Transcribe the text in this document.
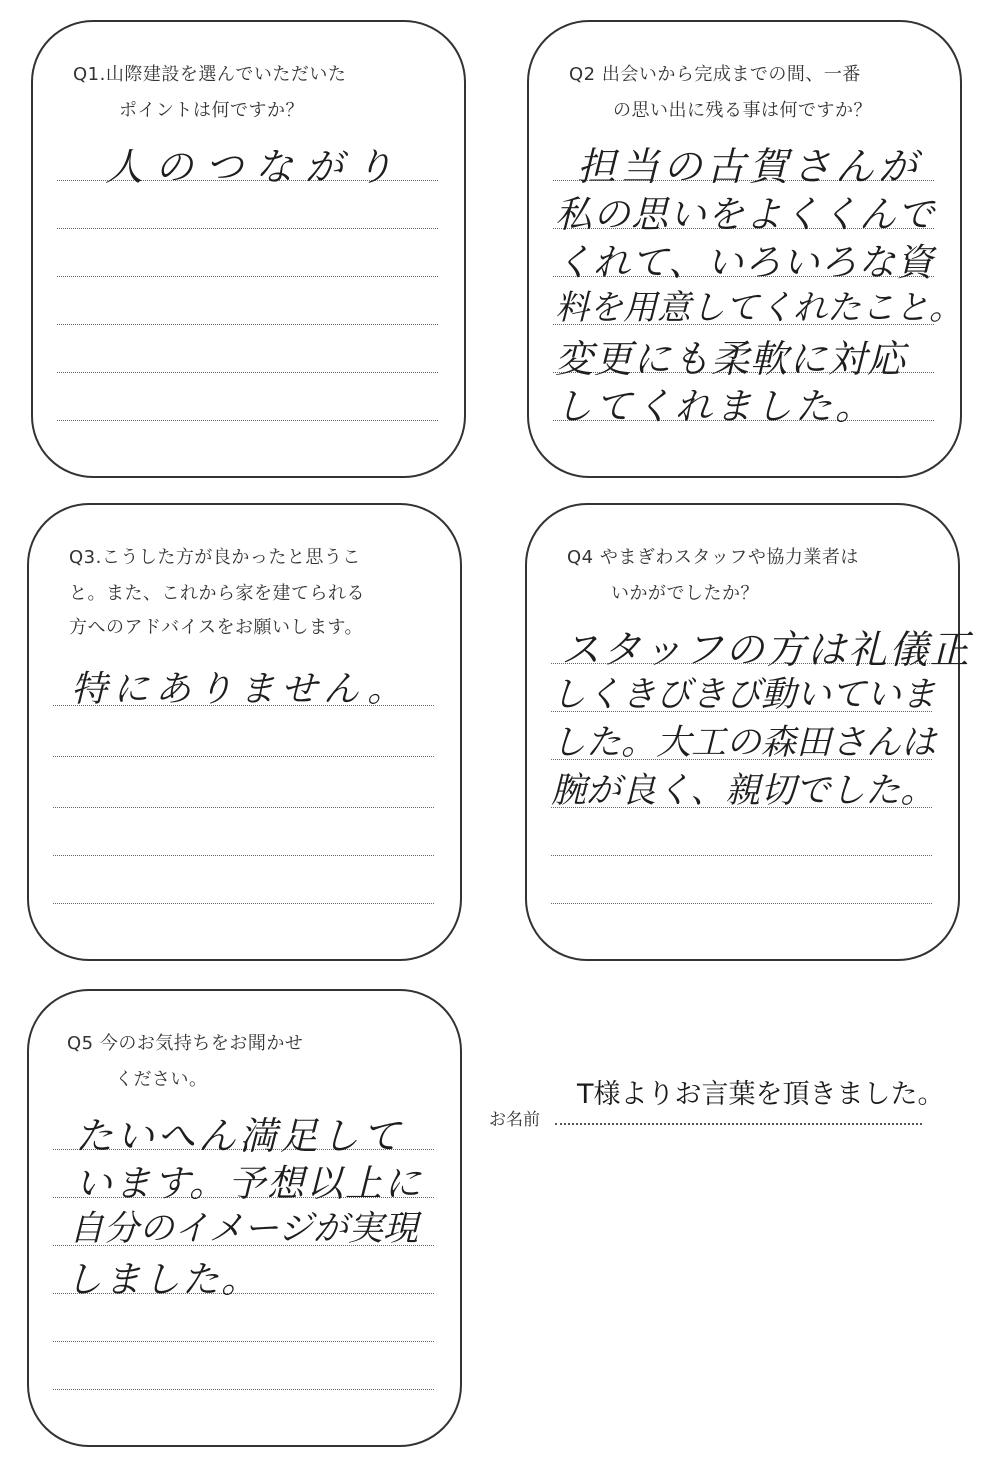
Q1.山際建設を選んでいただいた
ポイントは何ですか？
人のつながり
Q2 出会いから完成までの間、一番
の思い出に残る事は何ですか？
担当の古賀さんが
私の思いをよくくんで
くれて、いろいろな資
料を用意してくれたこと。
変更にも柔軟に対応
してくれました。
Q3.こうした方が良かったと思うこ
と。また、これから家を建てられる
方へのアドバイスをお願いします。
特にありません。
Q4 やまぎわスタッフや協力業者は
いかがでしたか？
スタッフの方は礼儀正
しくきびきび動いていま
した。大工の森田さんは
腕が良く、親切でした。
Q5 今のお気持ちをお聞かせ
ください。
たいへん満足して
います。予想以上に
自分のイメージが実現
しました。
お名前
T様よりお言葉を頂きました。
